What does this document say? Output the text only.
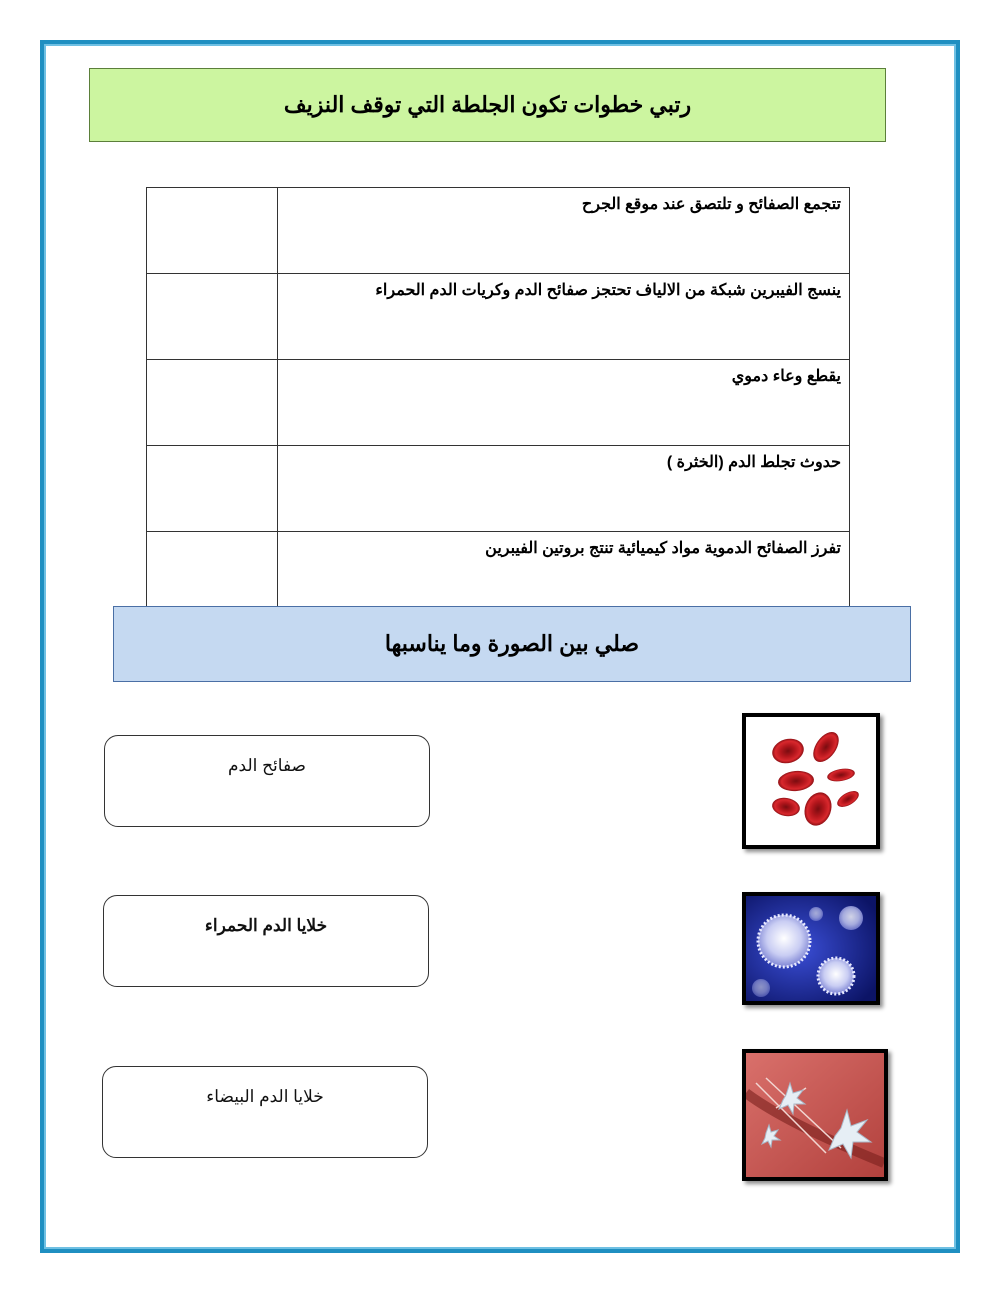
رتبي خطوات تكون الجلطة التي توقف النزيف
تتجمع الصفائح و تلتصق عند موقع الجرح	
ينسج الفيبرين شبكة من الالياف تحتجز صفائح الدم وكريات الدم الحمراء	
يقطع وعاء دموي	
حدوث تجلط الدم (الخثرة )	
تفرز الصفائح الدموية مواد كيميائية تنتج بروتين الفيبرين	
صلي بين الصورة وما يناسبها
صفائح الدم
خلايا الدم الحمراء
خلايا الدم البيضاء
